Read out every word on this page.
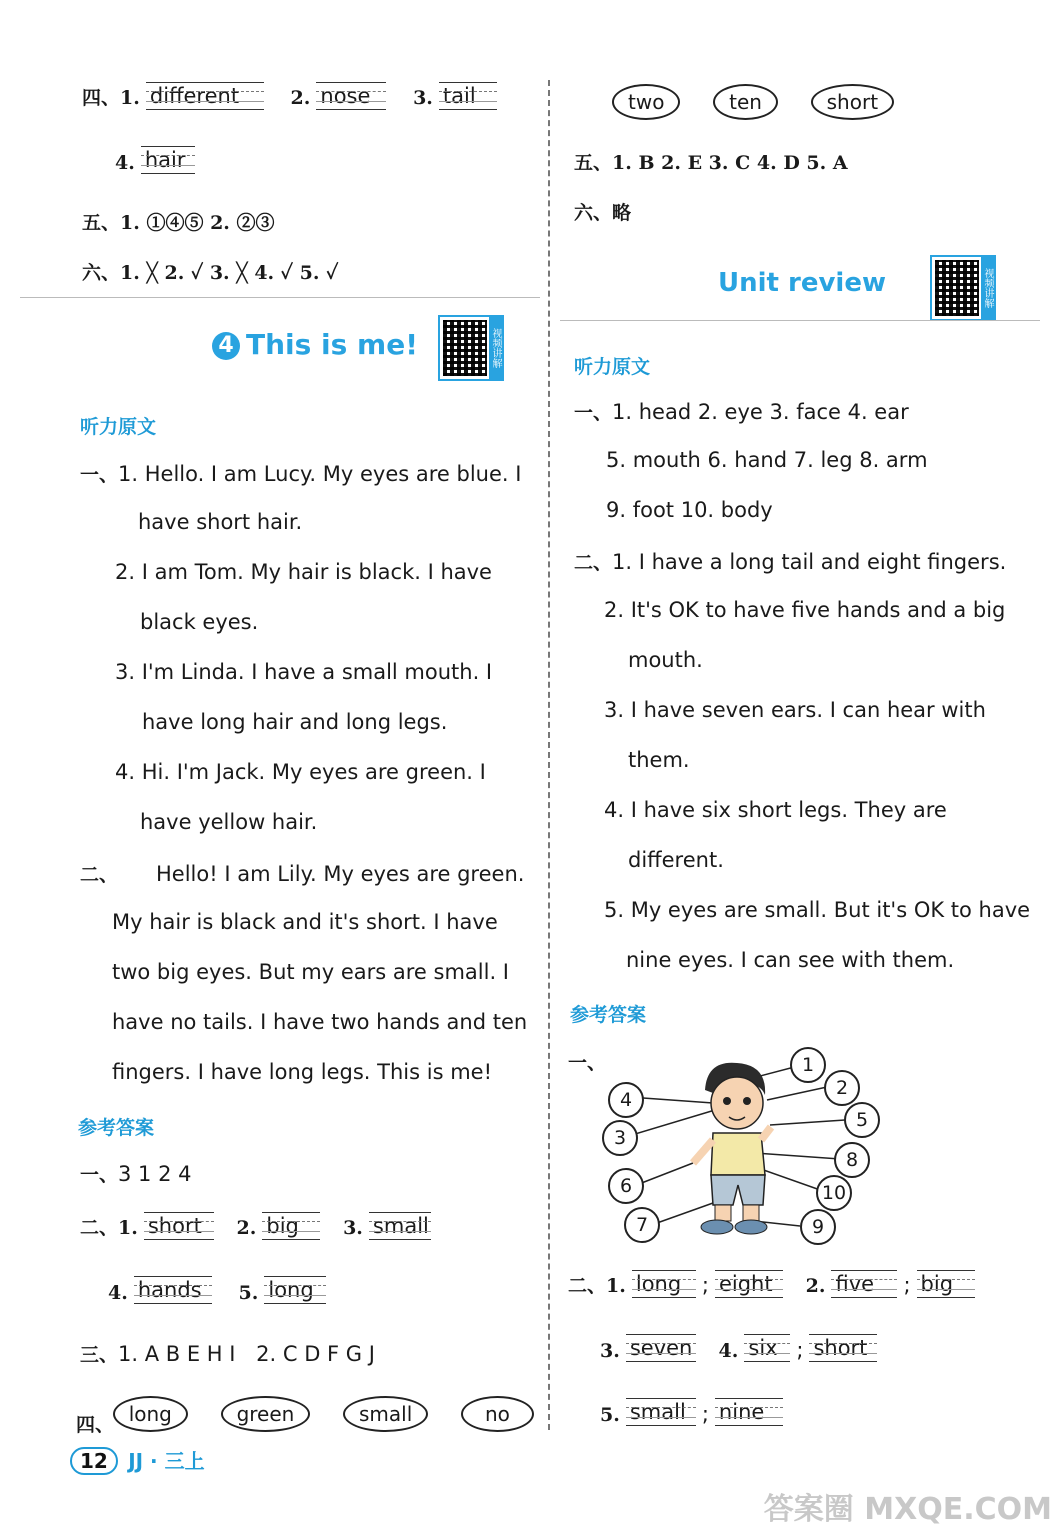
四、1. different	2. nose 3. tail
4. hair
五、1. ①④⑤ 2. ②③
六、1. ╳ 2. ✓ 3. ╳ 4. ✓ 5. ✓
4 This is me!	视频讲解
听力原文
一、1. Hello. I am Lucy. My eyes are blue. I
have short hair.
2. I am Tom. My hair is black. I have
black eyes.
3. I'm Linda. I have a small mouth. I
have long hair and long legs.
4. Hi. I'm Jack. My eyes are green. I
have yellow hair.
二、 Hello! I am Lily. My eyes are green.
My hair is black and it's short. I have
two big eyes. But my ears are small. I
have no tails. I have two hands and ten
fingers. I have long legs. This is me!
参考答案
一、3 1 2 4
二、1. short 2. big 3. small
4. hands 5. long
三、1. A B E H I 2. C D F G J
四、 long	green	small	no
two	ten	short
五、1. B 2. E 3. C 4. D 5. A
六、略
Unit review	视频讲解
听力原文
一、1. head 2. eye 3. face 4. ear
5. mouth 6. hand 7. leg 8. arm
9. foot 10. body
二、1. I have a long tail and eight fingers.
2. It's OK to have five hands and a big
mouth.
3. I have seven ears. I can hear with
them.
4. I have six short legs. They are
different.
5. My eyes are small. But it's OK to have
nine eyes. I can see with them.
参考答案
一、	1
2
3
4
5
6
7
8
9
10
二、1. long ; eight 2. five ; big
3. seven 4. six ; short
5. small ; nine
12 JJ · 三上
答案圈 MXQE.COM
